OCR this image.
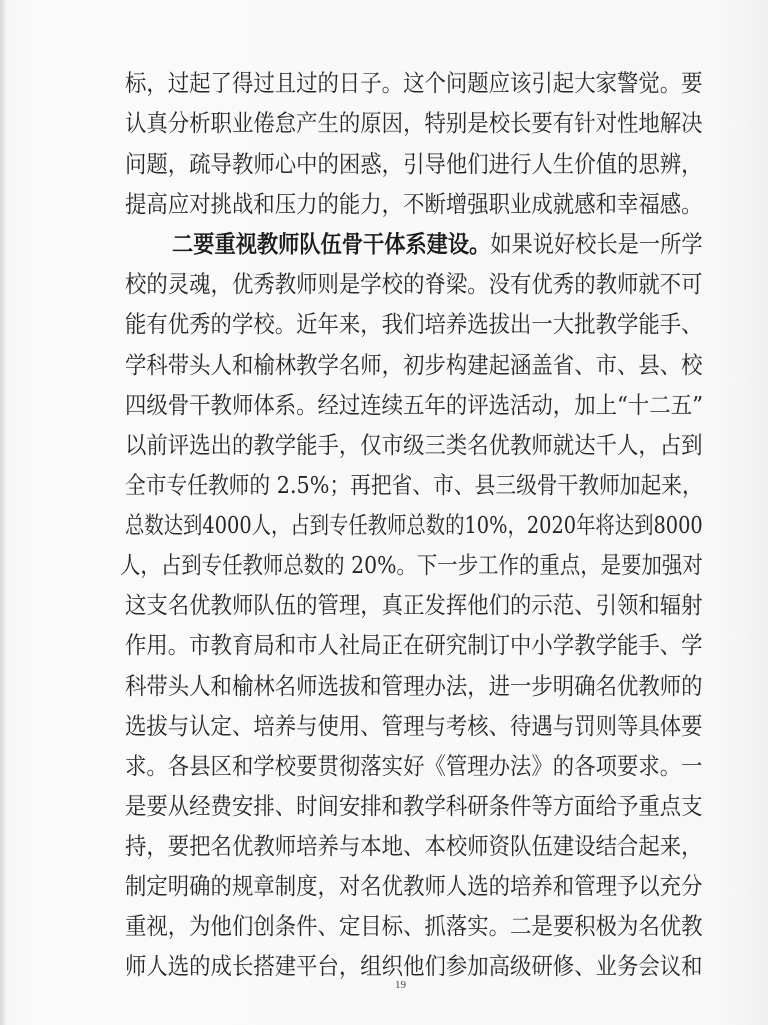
标，过起了得过且过的日子。这个问题应该引起大家警觉。要
认真分析职业倦怠产生的原因，特别是校长要有针对性地解决
问题，疏导教师心中的困惑，引导他们进行人生价值的思辨，
提高应对挑战和压力的能力，不断增强职业成就感和幸福感。
二要重视教师队伍骨干体系建设。如果说好校长是一所学
校的灵魂，优秀教师则是学校的脊梁。没有优秀的教师就不可
能有优秀的学校。近年来，我们培养选拔出一大批教学能手、
学科带头人和榆林教学名师，初步构建起涵盖省、市、县、校
四级骨干教师体系。经过连续五年的评选活动，加上“十二五”
以前评选出的教学能手，仅市级三类名优教师就达千人，占到
全市专任教师的 2.5%；再把省、市、县三级骨干教师加起来，
总数达到4000人，占到专任教师总数的10%，2020年将达到8000
人，占到专任教师总数的 20%。下一步工作的重点，是要加强对
这支名优教师队伍的管理，真正发挥他们的示范、引领和辐射
作用。市教育局和市人社局正在研究制订中小学教学能手、学
科带头人和榆林名师选拔和管理办法，进一步明确名优教师的
选拔与认定、培养与使用、管理与考核、待遇与罚则等具体要
求。各县区和学校要贯彻落实好《管理办法》的各项要求。一
是要从经费安排、时间安排和教学科研条件等方面给予重点支
持，要把名优教师培养与本地、本校师资队伍建设结合起来，
制定明确的规章制度，对名优教师人选的培养和管理予以充分
重视，为他们创条件、定目标、抓落实。二是要积极为名优教
师人选的成长搭建平台，组织他们参加高级研修、业务会议和
19
